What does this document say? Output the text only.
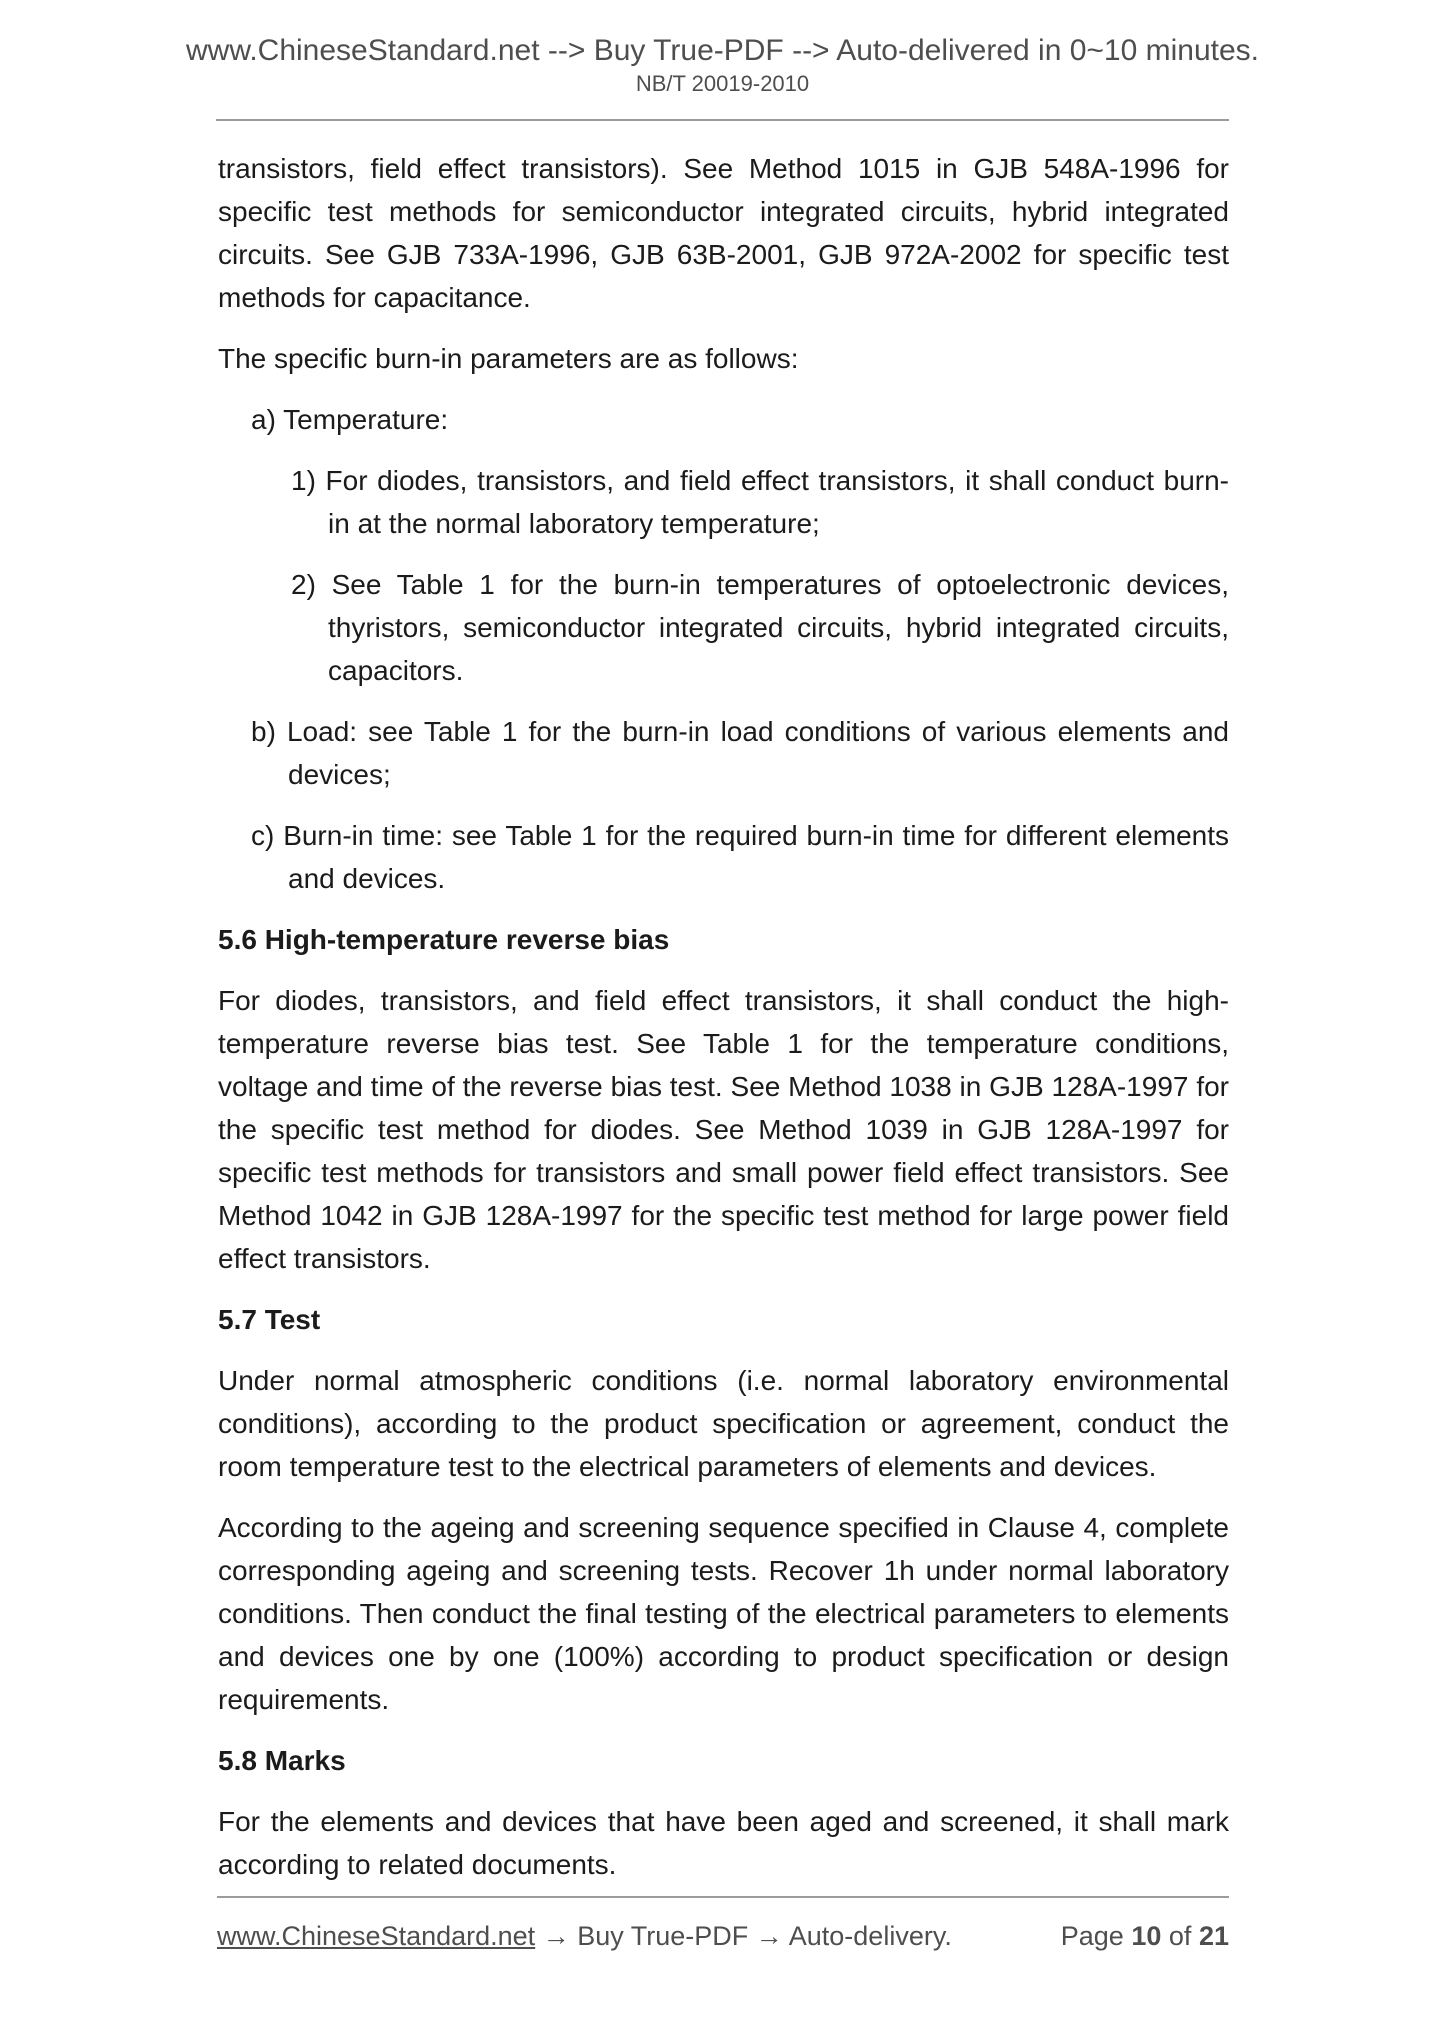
www.ChineseStandard.net --> Buy True-PDF --> Auto-delivered in 0~10 minutes.
NB/T 20019-2010
transistors, field effect transistors). See Method 1015 in GJB 548A-1996 for specific test methods for semiconductor integrated circuits, hybrid integrated circuits. See GJB 733A-1996, GJB 63B-2001, GJB 972A-2002 for specific test methods for capacitance.
The specific burn-in parameters are as follows:
a) Temperature:
1) For diodes, transistors, and field effect transistors, it shall conduct burn-in at the normal laboratory temperature;
2) See Table 1 for the burn-in temperatures of optoelectronic devices, thyristors, semiconductor integrated circuits, hybrid integrated circuits, capacitors.
b) Load: see Table 1 for the burn-in load conditions of various elements and devices;
c) Burn-in time: see Table 1 for the required burn-in time for different elements and devices.
5.6 High-temperature reverse bias
For diodes, transistors, and field effect transistors, it shall conduct the high-temperature reverse bias test. See Table 1 for the temperature conditions, voltage and time of the reverse bias test. See Method 1038 in GJB 128A-1997 for the specific test method for diodes. See Method 1039 in GJB 128A-1997 for specific test methods for transistors and small power field effect transistors. See Method 1042 in GJB 128A-1997 for the specific test method for large power field effect transistors.
5.7 Test
Under normal atmospheric conditions (i.e. normal laboratory environmental conditions), according to the product specification or agreement, conduct the room temperature test to the electrical parameters of elements and devices.
According to the ageing and screening sequence specified in Clause 4, complete corresponding ageing and screening tests. Recover 1h under normal laboratory conditions. Then conduct the final testing of the electrical parameters to elements and devices one by one (100%) according to product specification or design requirements.
5.8 Marks
For the elements and devices that have been aged and screened, it shall mark according to related documents.
www.ChineseStandard.net → Buy True-PDF → Auto-delivery.	Page 10 of 21
